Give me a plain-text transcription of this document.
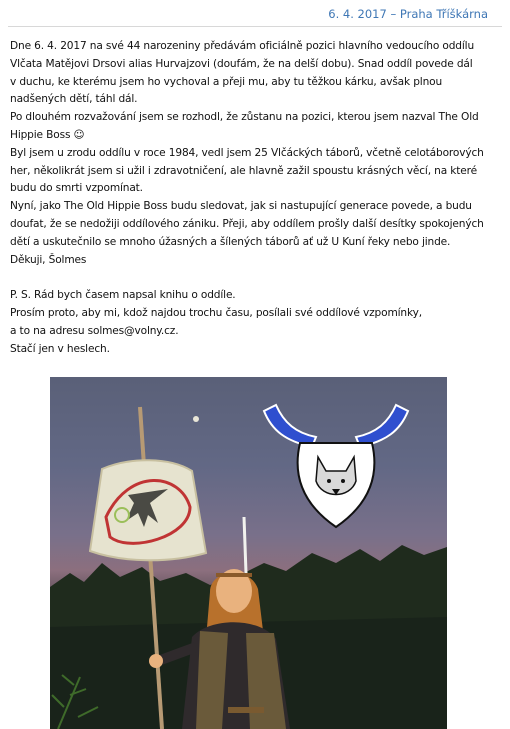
6. 4. 2017 – Praha Tříškárna
Dne 6. 4. 2017 na své 44 narozeniny předávám oficiálně pozici hlavního vedoucího oddílu
Vlčata Matějovi Drsovi alias Hurvajzovi (doufám, že na delší dobu). Snad oddíl povede dál
v duchu, ke kterému jsem ho vychoval a přeji mu, aby tu těžkou kárku, avšak plnou
nadšených dětí, táhl dál.
Po dlouhém rozvažování jsem se rozhodl, že zůstanu na pozici, kterou jsem nazval The Old
Hippie Boss ☺
Byl jsem u zrodu oddílu v roce 1984, vedl jsem 25 Vlčáckých táborů, včetně celotáborových
her, několikrát jsem si užil i zdravotničení, ale hlavně zažil spoustu krásných věcí, na které
budu do smrti vzpomínat.
Nyní, jako The Old Hippie Boss budu sledovat, jak si nastupující generace povede, a budu
doufat, že se nedožiji oddílového zániku. Přeji, aby oddílem prošly další desítky spokojených
dětí a uskutečnilo se mnoho úžasných a šílených táborů ať už U Kuní řeky nebo jinde.
Děkuji, Šolmes
P. S. Rád bych časem napsal knihu o oddíle.
Prosím proto, aby mi, kdož najdou trochu času, posílali své oddílové vzpomínky,
a to na adresu solmes@volny.cz.
Stačí jen v heslech.
